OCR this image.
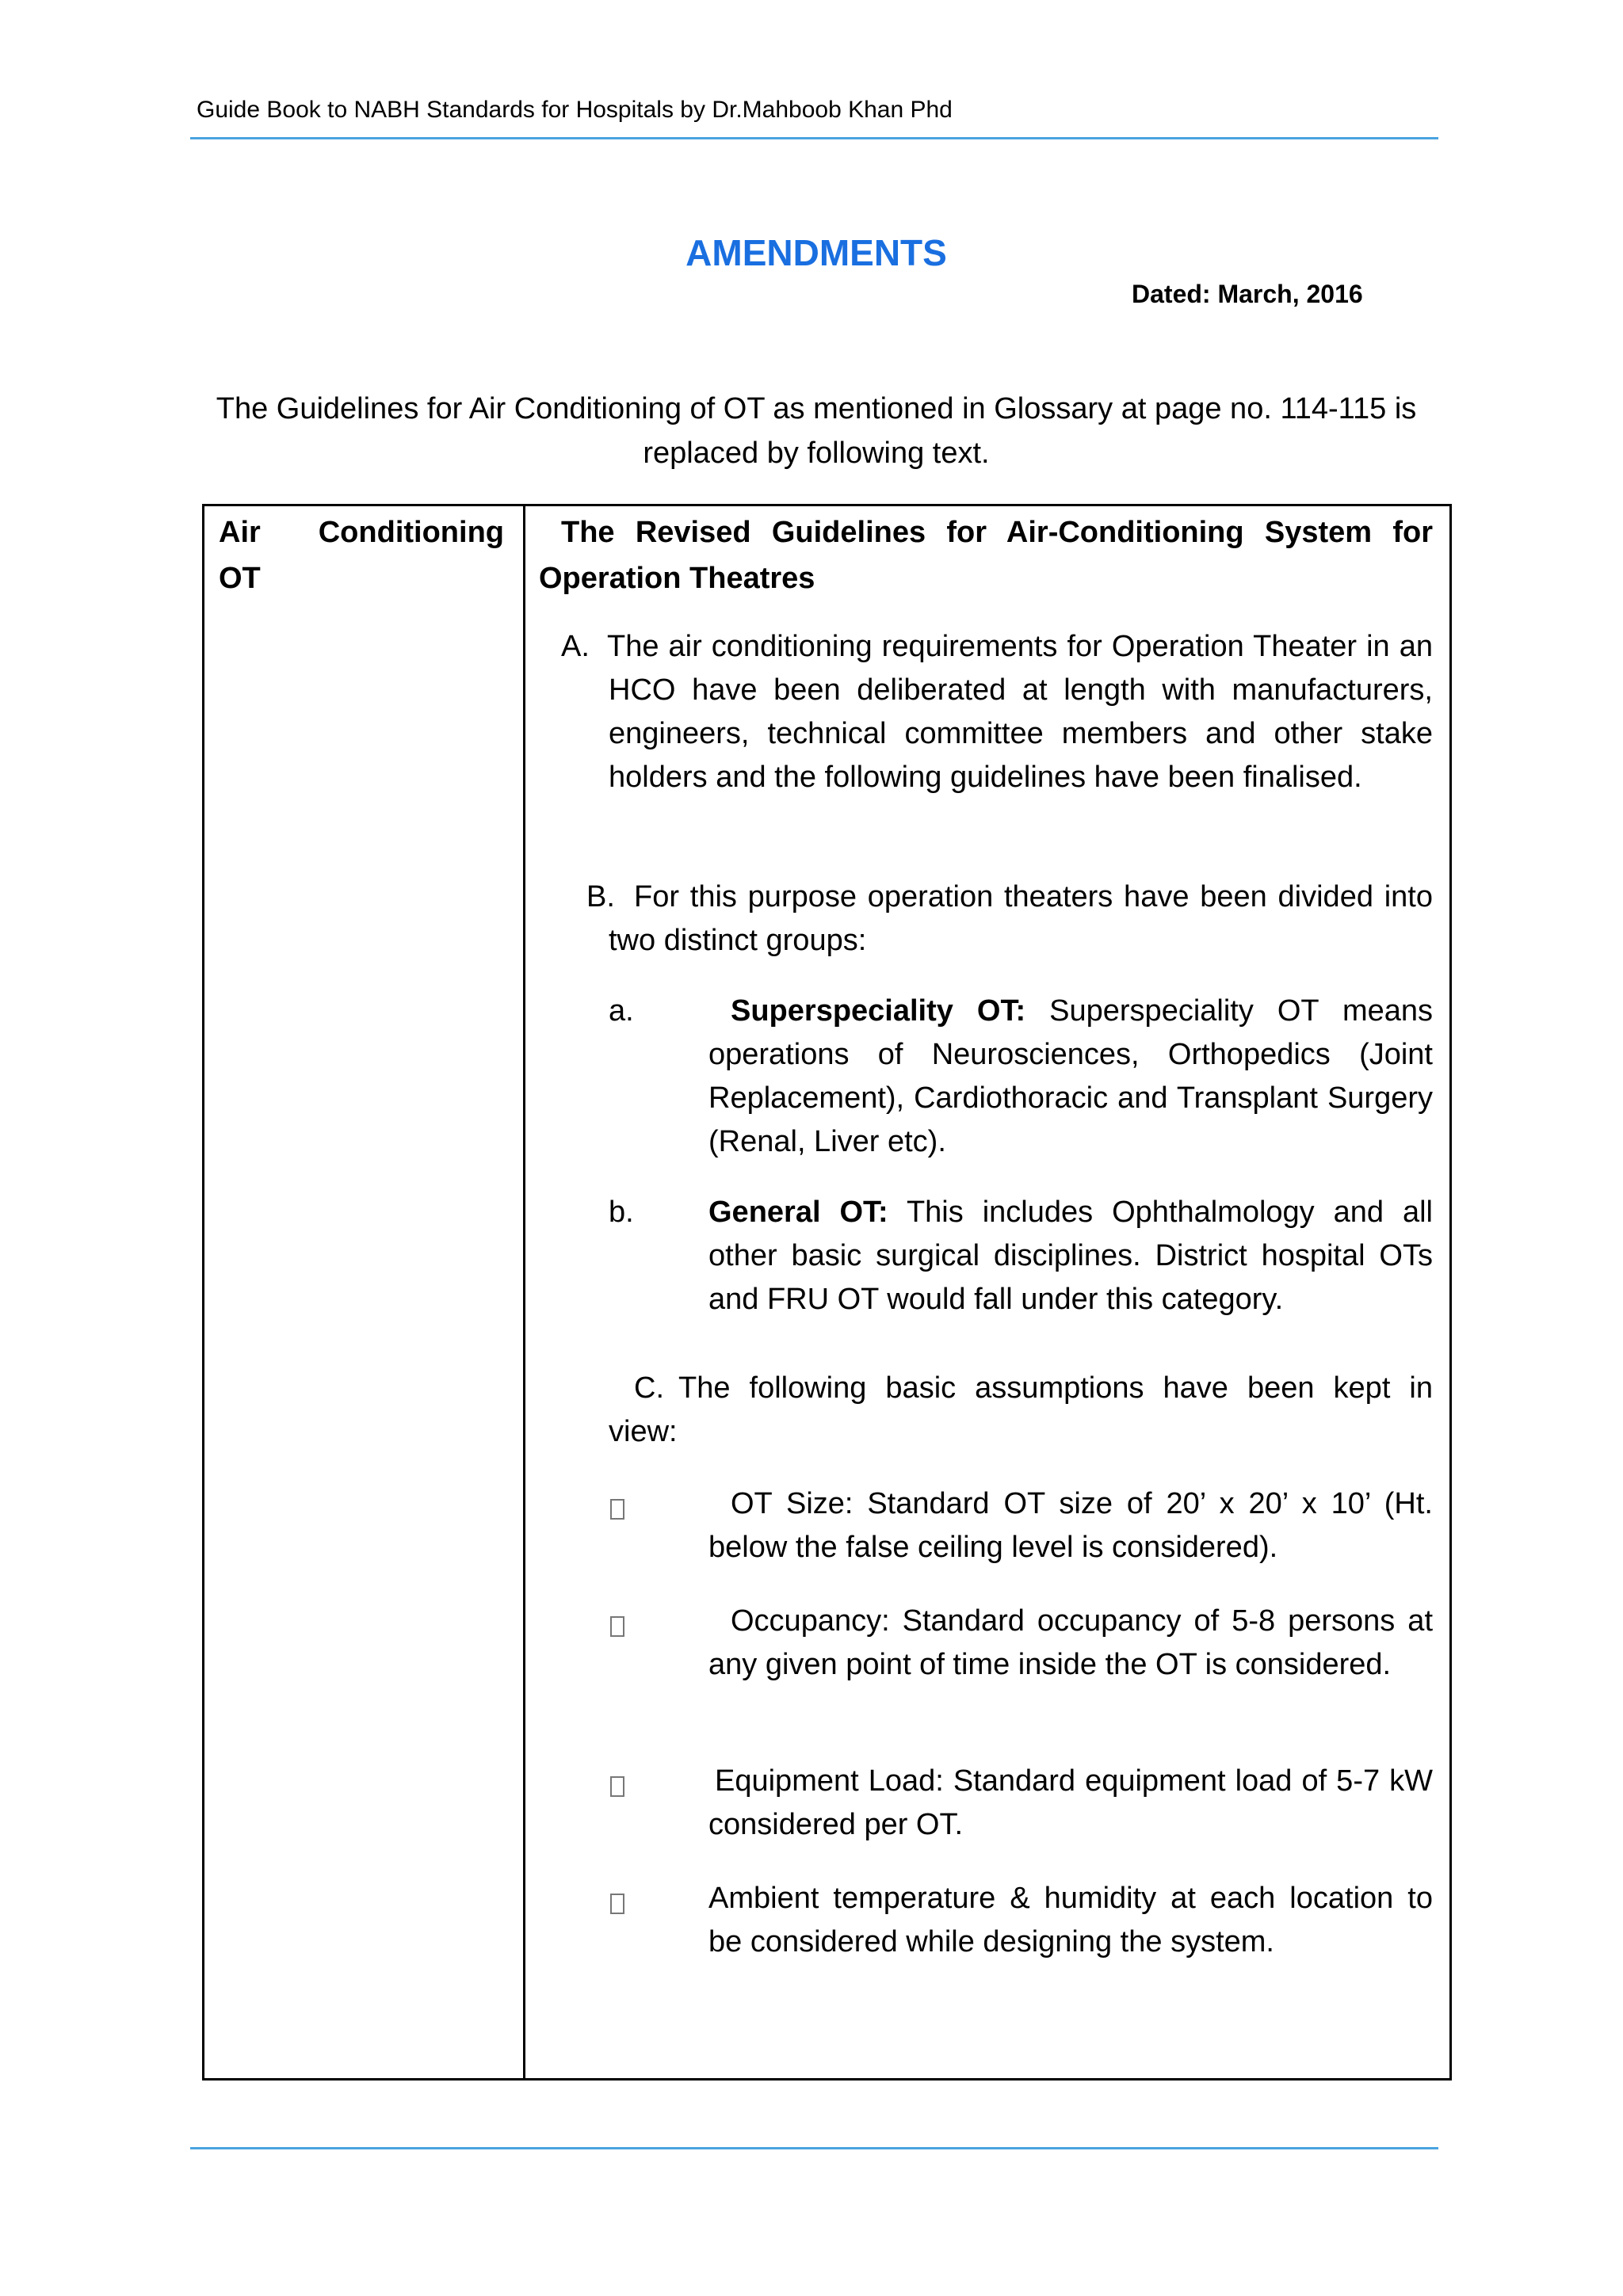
Guide Book to NABH Standards for Hospitals by Dr.Mahboob Khan Phd
AMENDMENTS
Dated: March, 2016
The Guidelines for Air Conditioning of OT as mentioned in Glossary at page no. 114-115 is replaced by following text.
Air Conditioning
OT
The Revised Guidelines for Air-Conditioning System for Operation Theatres
A. The air conditioning requirements for Operation Theater in an HCO have been deliberated at length with manufacturers, engineers, technical committee members and other stake holders and the following guidelines have been finalised.
B. For this purpose operation theaters have been divided into two distinct groups:
a.	Superspeciality OT: Superspeciality OT means operations of Neurosciences, Orthopedics (Joint Replacement), Cardiothoracic and Transplant Surgery (Renal, Liver etc).
b.	General OT: This includes Ophthalmology and all other basic surgical disciplines. District hospital OTs and FRU OT would fall under this category.
C. The following basic assumptions have been kept in view:
OT Size: Standard OT size of 20’ x 20’ x 10’ (Ht. below the false ceiling level is considered).
Occupancy: Standard occupancy of 5-8 persons at any given point of time inside the OT is considered.
Equipment Load: Standard equipment load of 5-7 kW considered per OT.
Ambient temperature & humidity at each location to be considered while designing the system.
